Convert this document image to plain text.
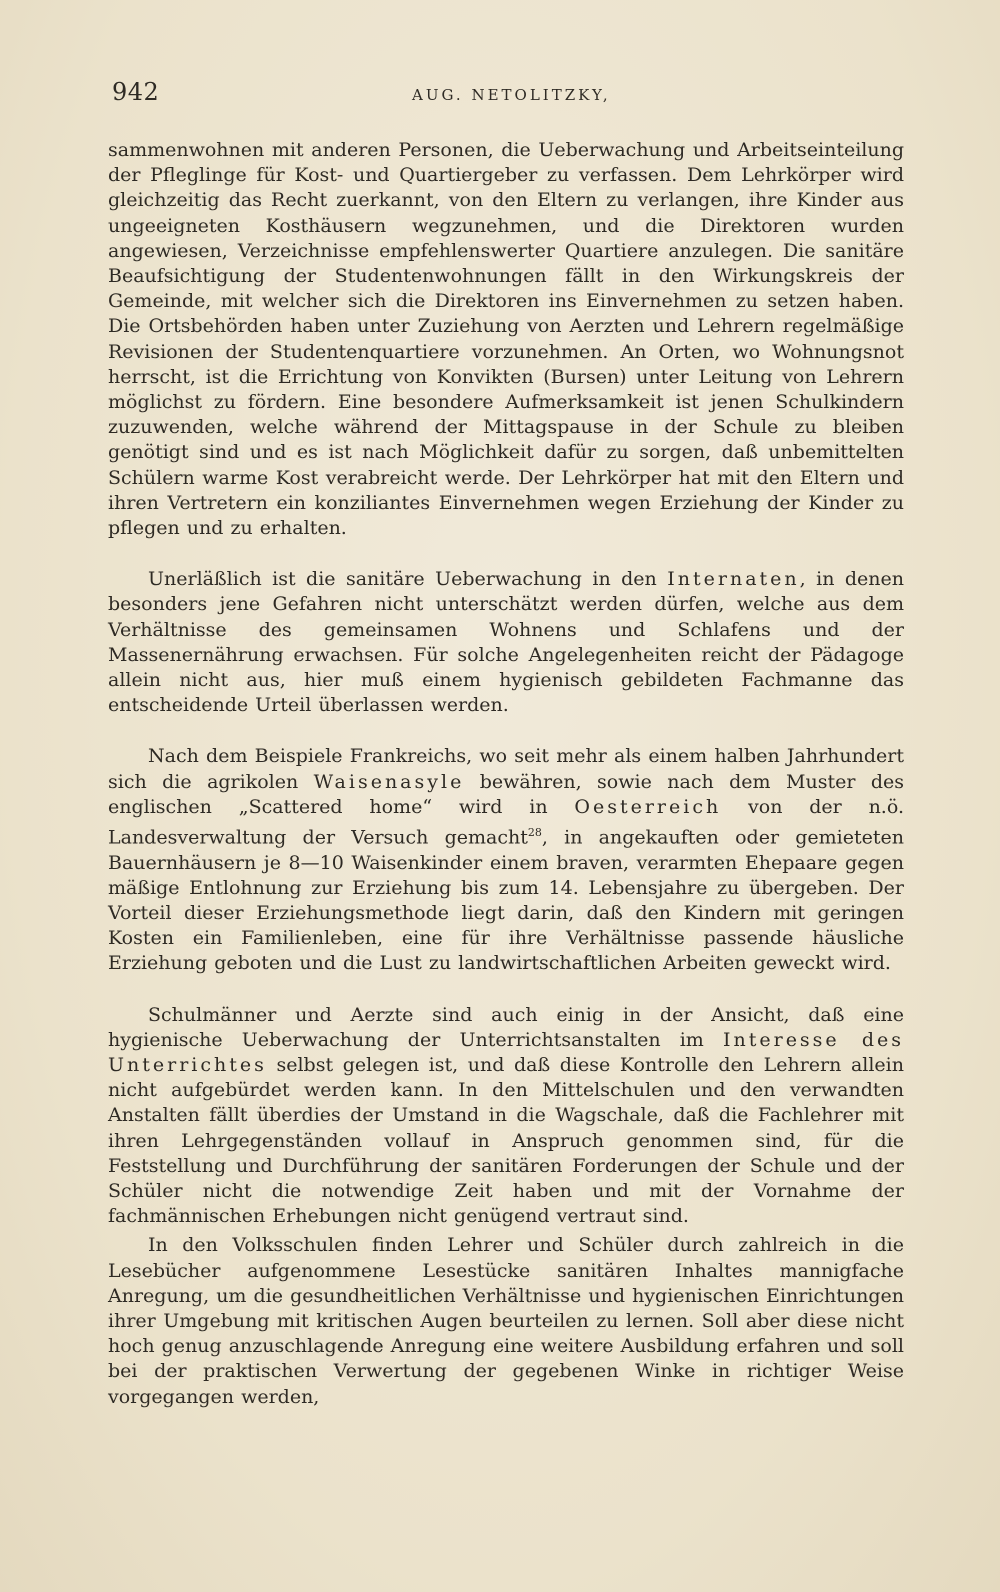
942	AUG. NETOLITZKY,

sammenwohnen mit anderen Personen, die Ueberwachung und Arbeitseinteilung der Pfleglinge für Kost- und Quartiergeber zu verfassen. Dem Lehrkörper wird gleichzeitig das Recht zuerkannt, von den Eltern zu verlangen, ihre Kinder aus ungeeigneten Kosthäusern wegzunehmen, und die Direktoren wurden angewiesen, Verzeichnisse empfehlenswerter Quartiere anzulegen. Die sanitäre Beaufsichtigung der Studentenwohnungen fällt in den Wirkungskreis der Gemeinde, mit welcher sich die Direktoren ins Einvernehmen zu setzen haben. Die Ortsbehörden haben unter Zuziehung von Aerzten und Lehrern regelmäßige Revisionen der Studentenquartiere vorzunehmen. An Orten, wo Wohnungsnot herrscht, ist die Errichtung von Konvikten (Bursen) unter Leitung von Lehrern möglichst zu fördern. Eine besondere Aufmerksamkeit ist jenen Schulkindern zuzuwenden, welche während der Mittagspause in der Schule zu bleiben genötigt sind und es ist nach Möglichkeit dafür zu sorgen, daß unbemittelten Schülern warme Kost verabreicht werde. Der Lehrkörper hat mit den Eltern und ihren Vertretern ein konziliantes Einvernehmen wegen Erziehung der Kinder zu pflegen und zu erhalten.

Unerläßlich ist die sanitäre Ueberwachung in den Internaten, in denen besonders jene Gefahren nicht unterschätzt werden dürfen, welche aus dem Verhältnisse des gemeinsamen Wohnens und Schlafens und der Massenernährung erwachsen. Für solche Angelegenheiten reicht der Pädagoge allein nicht aus, hier muß einem hygienisch gebildeten Fachmanne das entscheidende Urteil überlassen werden.

Nach dem Beispiele Frankreichs, wo seit mehr als einem halben Jahrhundert sich die agrikolen Waisenasyle bewähren, sowie nach dem Muster des englischen „Scattered home“ wird in Oesterreich von der n.ö. Landesverwaltung der Versuch gemacht$^{28}$, in angekauften oder gemieteten Bauernhäusern je 8—10 Waisenkinder einem braven, verarmten Ehepaare gegen mäßige Entlohnung zur Erziehung bis zum 14. Lebensjahre zu übergeben. Der Vorteil dieser Erziehungsmethode liegt darin, daß den Kindern mit geringen Kosten ein Familienleben, eine für ihre Verhältnisse passende häusliche Erziehung geboten und die Lust zu landwirtschaftlichen Arbeiten geweckt wird.

Schulmänner und Aerzte sind auch einig in der Ansicht, daß eine hygienische Ueberwachung der Unterrichtsanstalten im Interesse des Unterrichtes selbst gelegen ist, und daß diese Kontrolle den Lehrern allein nicht aufgebürdet werden kann. In den Mittelschulen und den verwandten Anstalten fällt überdies der Umstand in die Wagschale, daß die Fachlehrer mit ihren Lehrgegenständen vollauf in Anspruch genommen sind, für die Feststellung und Durchführung der sanitären Forderungen der Schule und der Schüler nicht die notwendige Zeit haben und mit der Vornahme der fachmännischen Erhebungen nicht genügend vertraut sind.

In den Volksschulen finden Lehrer und Schüler durch zahlreich in die Lesebücher aufgenommene Lesestücke sanitären Inhaltes mannigfache Anregung, um die gesundheitlichen Verhältnisse und hygienischen Einrichtungen ihrer Umgebung mit kritischen Augen beurteilen zu lernen. Soll aber diese nicht hoch genug anzuschlagende Anregung eine weitere Ausbildung erfahren und soll bei der praktischen Verwertung der gegebenen Winke in richtiger Weise vorgegangen werden,
